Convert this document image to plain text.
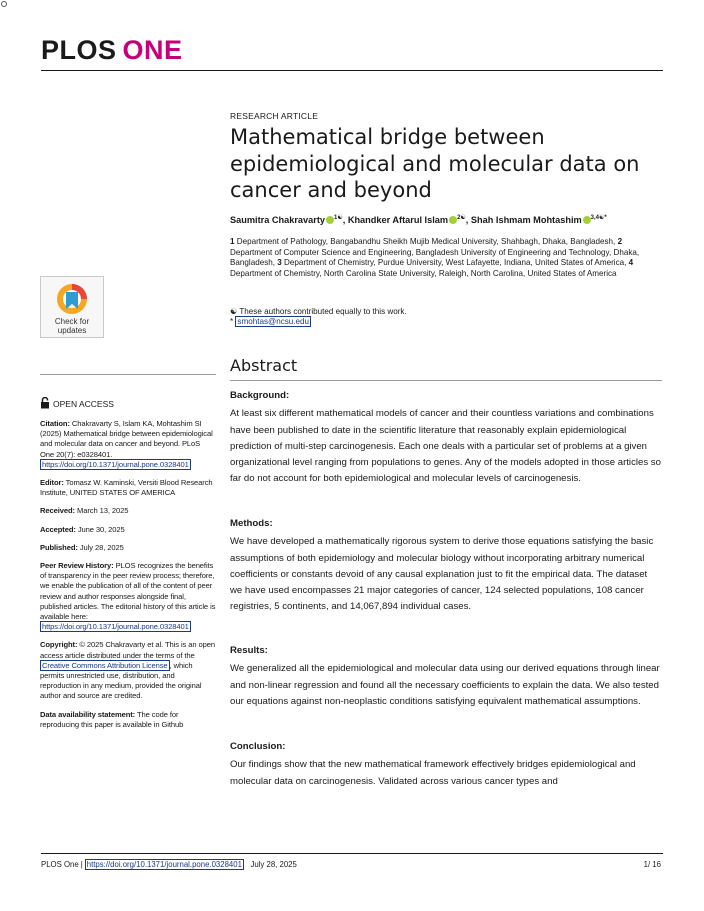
PLOS ONE
RESEARCH ARTICLE
Mathematical bridge between epidemiological and molecular data on cancer and beyond
Saumitra Chakravarty $^{1☯}$, Khandker Aftarul Islam $^{2☯}$, Shah Ishmam Mohtashim $^{3,4☯*}$
1 Department of Pathology, Bangabandhu Sheikh Mujib Medical University, Shahbagh, Dhaka, Bangladesh, 2 Department of Computer Science and Engineering, Bangladesh University of Engineering and Technology, Dhaka, Bangladesh, 3 Department of Chemistry, Purdue University, West Lafayette, Indiana, United States of America, 4 Department of Chemistry, North Carolina State University, Raleigh, North Carolina, United States of America
☯ These authors contributed equally to this work.
* smohtas@ncsu.edu
Check for
updates
OPEN ACCESS

Citation: Chakravarty S, Islam KA, Mohtashim SI (2025) Mathematical bridge between epidemiological and molecular data on cancer and beyond. PLoS One 20(7): e0328401. https://doi.org/10.1371/journal.pone.0328401

Editor: Tomasz W. Kaminski, Versiti Blood Research Institute, UNITED STATES OF AMERICA

Received: March 13, 2025

Accepted: June 30, 2025

Published: July 28, 2025

Peer Review History: PLOS recognizes the benefits of transparency in the peer review process; therefore, we enable the publication of all of the content of peer review and author responses alongside final, published articles. The editorial history of this article is available here: https://doi.org/10.1371/journal.pone.0328401

Copyright: © 2025 Chakravarty et al. This is an open access article distributed under the terms of the Creative Commons Attribution License , which permits unrestricted use, distribution, and reproduction in any medium, provided the original author and source are credited.

Data availability statement: The code for reproducing this paper is available in Github

Abstract
Background:

At least six different mathematical models of cancer and their countless variations and combinations have been published to date in the scientific literature that reasonably explain epidemiological prediction of multi-step carcinogenesis. Each one deals with a particular set of problems at a given organizational level ranging from populations to genes. Any of the models adopted in those articles so far do not account for both epidemiological and molecular levels of carcinogenesis.

Methods:

We have developed a mathematically rigorous system to derive those equations satisfying the basic assumptions of both epidemiology and molecular biology without incorporating arbitrary numerical coefficients or constants devoid of any causal explanation just to fit the empirical data. The dataset we have used encompasses 21 major categories of cancer, 124 selected populations, 108 cancer registries, 5 continents, and 14,067,894 individual cases.

Results:

We generalized all the epidemiological and molecular data using our derived equations through linear and non-linear regression and found all the necessary coefficients to explain the data. We also tested our equations against non-neoplastic conditions satisfying equivalent mathematical assumptions.

Conclusion:

Our findings show that the new mathematical framework effectively bridges epidemiological and molecular data on carcinogenesis. Validated across various cancer types and

PLOS One | https://doi.org/10.1371/journal.pone.0328401 July 28, 2025	1/ 16
